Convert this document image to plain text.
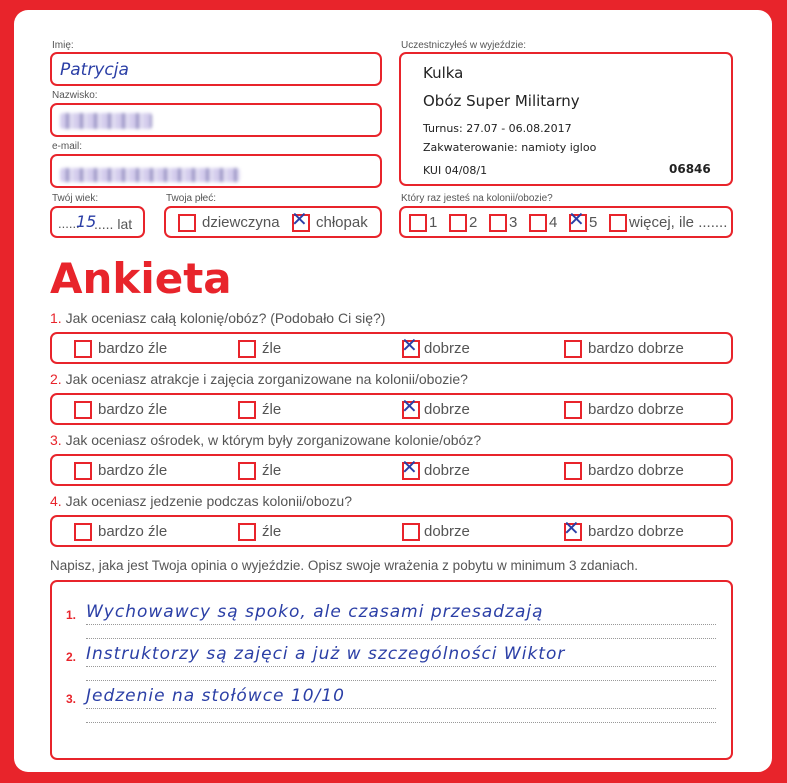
Imię:
Patrycja
Nazwisko:
e-mail:
Twój wiek:
......
15
..... lat
Twoja płeć:
dziewczyna ✕ chłopak
Uczestniczyłeś w wyjeździe:
Kulka
Obóz Super Militarny
Turnus: 27.07 - 06.08.2017
Zakwaterowanie: namioty igloo
KUI 04/08/1	06846
Który raz jesteś na kolonii/obozie?
1 2 3 4 ✕ 5 więcej, ile .......
Ankieta
1. Jak oceniasz całą kolonię/obóz? (Podobało Ci się?)
bardzo źle	źle	✕ dobrze	bardzo dobrze
2. Jak oceniasz atrakcje i zajęcia zorganizowane na kolonii/obozie?
bardzo źle	źle	✕ dobrze	bardzo dobrze
3. Jak oceniasz ośrodek, w którym były zorganizowane kolonie/obóz?
bardzo źle	źle	✕ dobrze	bardzo dobrze
4. Jak oceniasz jedzenie podczas kolonii/obozu?
bardzo źle	źle	dobrze	✕ bardzo dobrze
Napisz, jaka jest Twoja opinia o wyjeździe. Opisz swoje wrażenia z pobytu w minimum 3 zdaniach.
1. Wychowawcy są spoko, ale czasami przesadzają
2. Instruktorzy są zajęci a już w szczególności Wiktor
3. Jedzenie na stołówce 10/10
